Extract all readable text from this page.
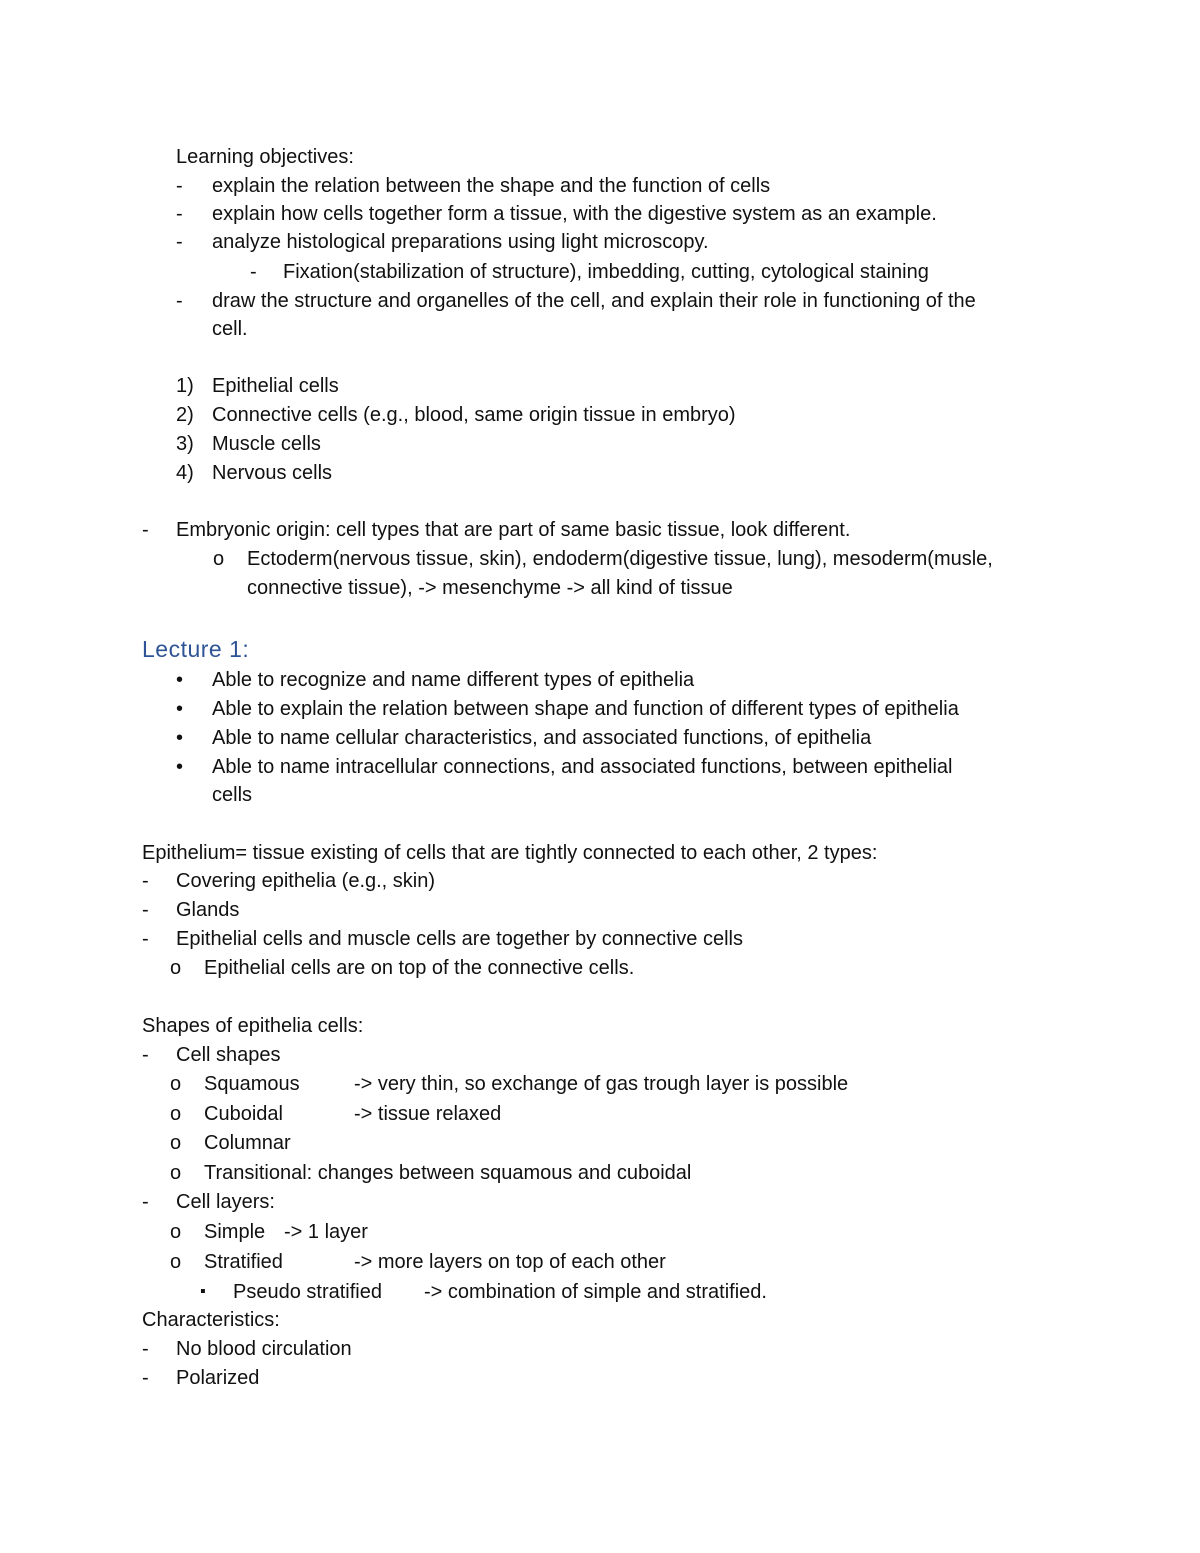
Learning objectives:
- explain the relation between the shape and the function of cells
- explain how cells together form a tissue, with the digestive system as an example.
- analyze histological preparations using light microscopy.
- Fixation(stabilization of structure), imbedding, cutting, cytological staining
- draw the structure and organelles of the cell, and explain their role in functioning of the
cell.
1) Epithelial cells
2) Connective cells (e.g., blood, same origin tissue in embryo)
3) Muscle cells
4) Nervous cells
- Embryonic origin: cell types that are part of same basic tissue, look different.
o Ectoderm(nervous tissue, skin), endoderm(digestive tissue, lung), mesoderm(musle,
connective tissue), -> mesenchyme -> all kind of tissue
Lecture 1:
• Able to recognize and name different types of epithelia
• Able to explain the relation between shape and function of different types of epithelia
• Able to name cellular characteristics, and associated functions, of epithelia
• Able to name intracellular connections, and associated functions, between epithelial
cells
Epithelium= tissue existing of cells that are tightly connected to each other, 2 types:
- Covering epithelia (e.g., skin)
- Glands
- Epithelial cells and muscle cells are together by connective cells
o Epithelial cells are on top of the connective cells.
Shapes of epithelia cells:
- Cell shapes
o Squamous	-> very thin, so exchange of gas trough layer is possible
o Cuboidal	-> tissue relaxed
o Columnar
o Transitional: changes between squamous and cuboidal
- Cell layers:
o Simple -> 1 layer
o Stratified	-> more layers on top of each other
▪ Pseudo stratified -> combination of simple and stratified.
Characteristics:
- No blood circulation
- Polarized
